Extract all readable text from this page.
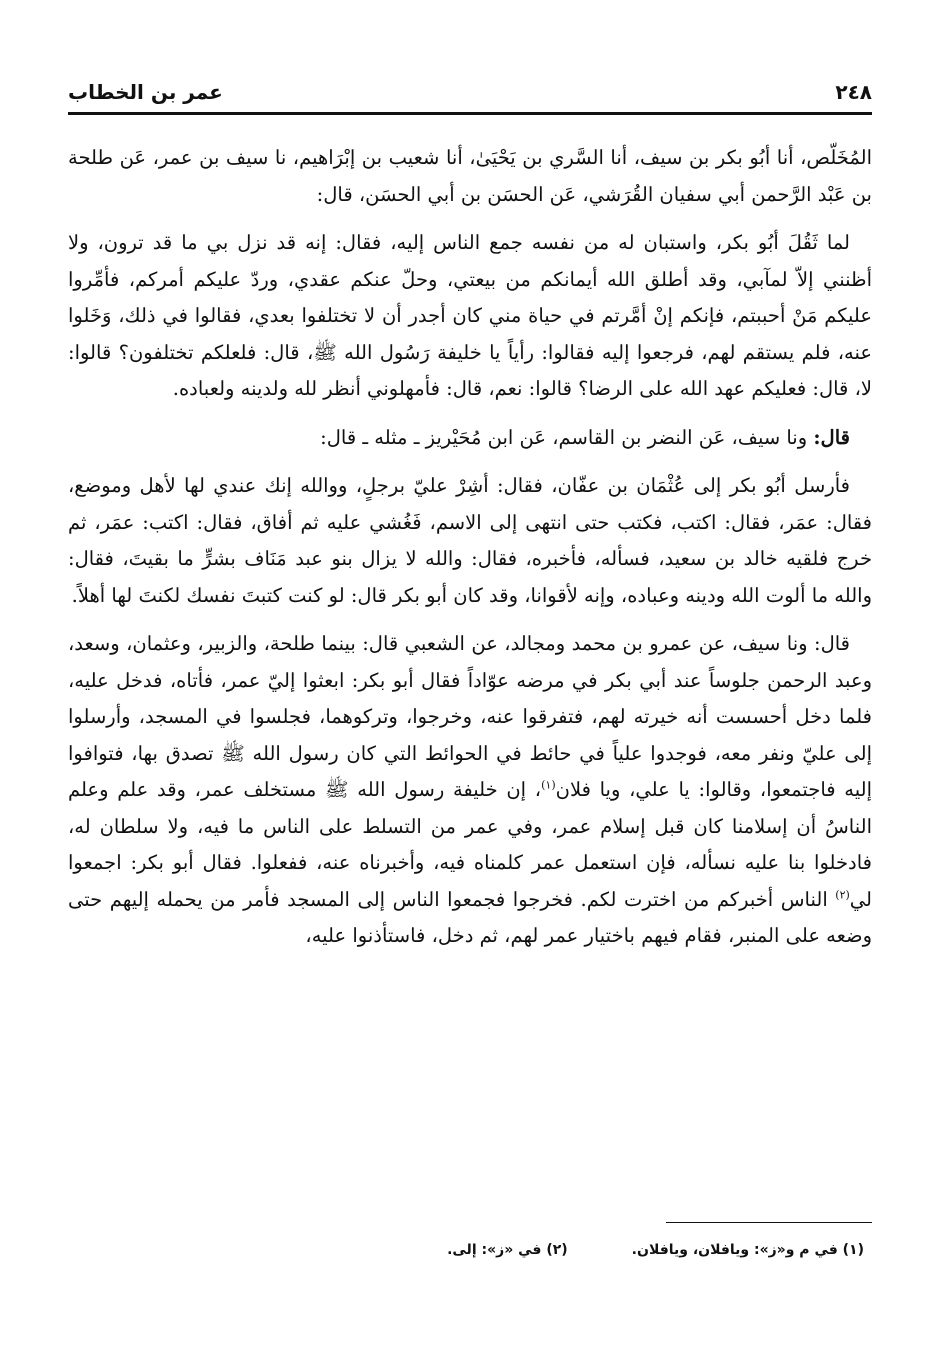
٢٤٨
عمر بن الخطاب

المُخَلّص، أنا أبُو بكر بن سيف، أنا السَّري بن يَحْيَىٰ، أنا شعيب بن إبْرَاهيم، نا سيف بن عمر، عَن طلحة بن عَبْد الرَّحمن أبي سفيان القُرَشي، عَن الحسَن بن أبي الحسَن، قال:

لما ثَقُلَ أبُو بكر، واستبان له من نفسه جمع الناس إليه، فقال: إنه قد نزل بي ما قد ترون، ولا أظنني إلاّ لمآبي، وقد أطلق الله أيمانكم من بيعتي، وحلّ عنكم عقدي، وردّ عليكم أمركم، فأمِّروا عليكم مَنْ أحببتم، فإنكم إنْ أمَّرتم في حياة مني كان أجدر أن لا تختلفوا بعدي، فقالوا في ذلك، وَخَلوا عنه، فلم يستقم لهم، فرجعوا إليه فقالوا: رأياً يا خليفة رَسُول الله ﷺ، قال: فلعلكم تختلفون؟ قالوا: لا، قال: فعليكم عهد الله على الرضا؟ قالوا: نعم، قال: فأمهلوني أنظر لله ولدينه ولعباده.

قال: ونا سيف، عَن النضر بن القاسم، عَن ابن مُحَيْريز ـ مثله ـ قال:

فأرسل أبُو بكر إلى عُثْمَان بن عفّان، فقال: أشِرْ عليّ برجلٍ، ووالله إنك عندي لها لأهل وموضع، فقال: عمَر، فقال: اكتب، فكتب حتى انتهى إلى الاسم، فَغُشي عليه ثم أفاق، فقال: اكتب: عمَر، ثم خرج فلقيه خالد بن سعيد، فسأله، فأخبره، فقال: والله لا يزال بنو عبد مَنَاف بشرٍّ ما بقيتَ، فقال: والله ما ألوت الله ودينه وعباده، وإنه لأقوانا، وقد كان أبو بكر قال: لو كنت كتبتَ نفسك لكنتَ لها أهلاً.

قال: ونا سيف، عن عمرو بن محمد ومجالد، عن الشعبي قال: بينما طلحة، والزبير، وعثمان، وسعد، وعبد الرحمن جلوساً عند أبي بكر في مرضه عوّاداً فقال أبو بكر: ابعثوا إليّ عمر، فأتاه، فدخل عليه، فلما دخل أحسست أنه خيرته لهم، فتفرقوا عنه، وخرجوا، وتركوهما، فجلسوا في المسجد، وأرسلوا إلى عليّ ونفر معه، فوجدوا علياً في حائط في الحوائط التي كان رسول الله ﷺ تصدق بها، فتوافوا إليه فاجتمعوا، وقالوا: يا علي، ويا فلان$^{(١)}$، إن خليفة رسول الله ﷺ مستخلف عمر، وقد علم وعلم الناسُ أن إسلامنا كان قبل إسلام عمر، وفي عمر من التسلط على الناس ما فيه، ولا سلطان له، فادخلوا بنا عليه نسأله، فإن استعمل عمر كلمناه فيه، وأخبرناه عنه، ففعلوا. فقال أبو بكر: اجمعوا لي$^{(٢)}$ الناس أخبركم من اخترت لكم. فخرجوا فجمعوا الناس إلى المسجد فأمر من يحمله إليهم حتى وضعه على المنبر، فقام فيهم باختيار عمر لهم، ثم دخل، فاستأذنوا عليه،

(١) في م و«ز»: ويافلان، ويافلان.
(٢) في «ز»: إلى.
